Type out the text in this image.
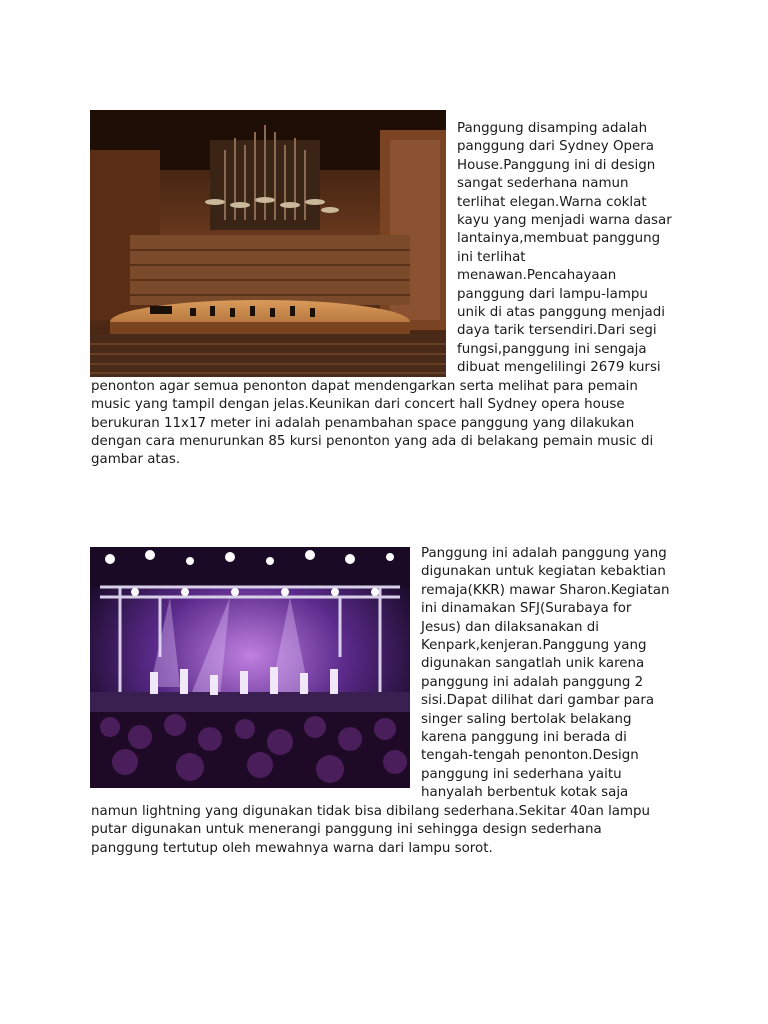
Panggung disamping adalah

panggung dari Sydney Opera

House.Panggung ini di design

sangat sederhana namun

terlihat elegan.Warna coklat

kayu yang menjadi warna dasar

lantainya,membuat panggung

ini terlihat

menawan.Pencahayaan

panggung dari lampu-lampu

unik di atas panggung menjadi

daya tarik tersendiri.Dari segi

fungsi,panggung ini sengaja

dibuat mengelilingi 2679 kursi

penonton agar semua penonton dapat mendengarkan serta melihat para pemain

music yang tampil dengan jelas.Keunikan dari concert hall Sydney opera house

berukuran 11x17 meter ini adalah penambahan space panggung yang dilakukan

dengan cara menurunkan 85 kursi penonton yang ada di belakang pemain music di

gambar atas.

Panggung ini adalah panggung yang

digunakan untuk kegiatan kebaktian

remaja(KKR) mawar Sharon.Kegiatan

ini dinamakan SFJ(Surabaya for

Jesus) dan dilaksanakan di

Kenpark,kenjeran.Panggung yang

digunakan sangatlah unik karena

panggung ini adalah panggung 2

sisi.Dapat dilihat dari gambar para

singer saling bertolak belakang

karena panggung ini berada di

tengah-tengah penonton.Design

panggung ini sederhana yaitu

hanyalah berbentuk kotak saja

namun lightning yang digunakan tidak bisa dibilang sederhana.Sekitar 40an lampu

putar digunakan untuk menerangi panggung ini sehingga design sederhana

panggung tertutup oleh mewahnya warna dari lampu sorot.
